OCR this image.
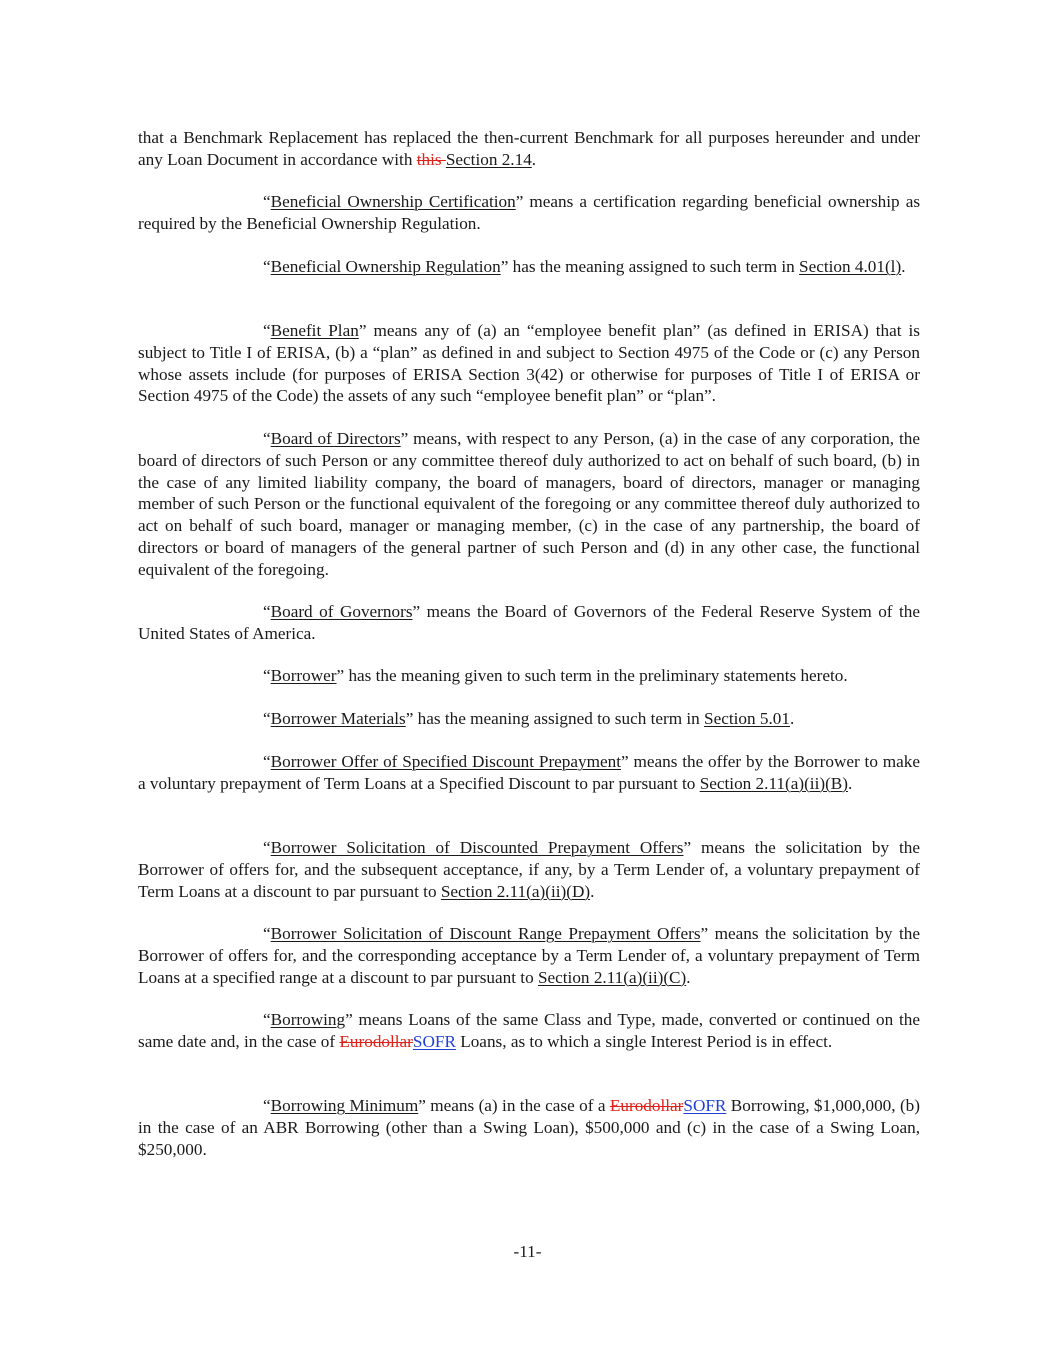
that a Benchmark Replacement has replaced the then-current Benchmark for all purposes hereunder and under any Loan Document in accordance with this Section 2.14.

“Beneficial Ownership Certification” means a certification regarding beneficial ownership as required by the Beneficial Ownership Regulation.

“Beneficial Ownership Regulation” has the meaning assigned to such term in Section 4.01(l).

“Benefit Plan” means any of (a) an “employee benefit plan” (as defined in ERISA) that is subject to Title I of ERISA, (b) a “plan” as defined in and subject to Section 4975 of the Code or (c) any Person whose assets include (for purposes of ERISA Section 3(42) or otherwise for purposes of Title I of ERISA or Section 4975 of the Code) the assets of any such “employee benefit plan” or “plan”.

“Board of Directors” means, with respect to any Person, (a) in the case of any corporation, the board of directors of such Person or any committee thereof duly authorized to act on behalf of such board, (b) in the case of any limited liability company, the board of managers, board of directors, manager or managing member of such Person or the functional equivalent of the foregoing or any committee thereof duly authorized to act on behalf of such board, manager or managing member, (c) in the case of any partnership, the board of directors or board of managers of the general partner of such Person and (d) in any other case, the functional equivalent of the foregoing.

“Board of Governors” means the Board of Governors of the Federal Reserve System of the United States of America.

“Borrower” has the meaning given to such term in the preliminary statements hereto.

“Borrower Materials” has the meaning assigned to such term in Section 5.01.

“Borrower Offer of Specified Discount Prepayment” means the offer by the Borrower to make a voluntary prepayment of Term Loans at a Specified Discount to par pursuant to Section 2.11(a)(ii)(B).

“Borrower Solicitation of Discounted Prepayment Offers” means the solicitation by the Borrower of offers for, and the subsequent acceptance, if any, by a Term Lender of, a voluntary prepayment of Term Loans at a discount to par pursuant to Section 2.11(a)(ii)(D).

“Borrower Solicitation of Discount Range Prepayment Offers” means the solicitation by the Borrower of offers for, and the corresponding acceptance by a Term Lender of, a voluntary prepayment of Term Loans at a specified range at a discount to par pursuant to Section 2.11(a)(ii)(C).

“Borrowing” means Loans of the same Class and Type, made, converted or continued on the same date and, in the case of EurodollarSOFR Loans, as to which a single Interest Period is in effect.

“Borrowing Minimum” means (a) in the case of a EurodollarSOFR Borrowing, $1,000,000, (b) in the case of an ABR Borrowing (other than a Swing Loan), $500,000 and (c) in the case of a Swing Loan, $250,000.

-11-
